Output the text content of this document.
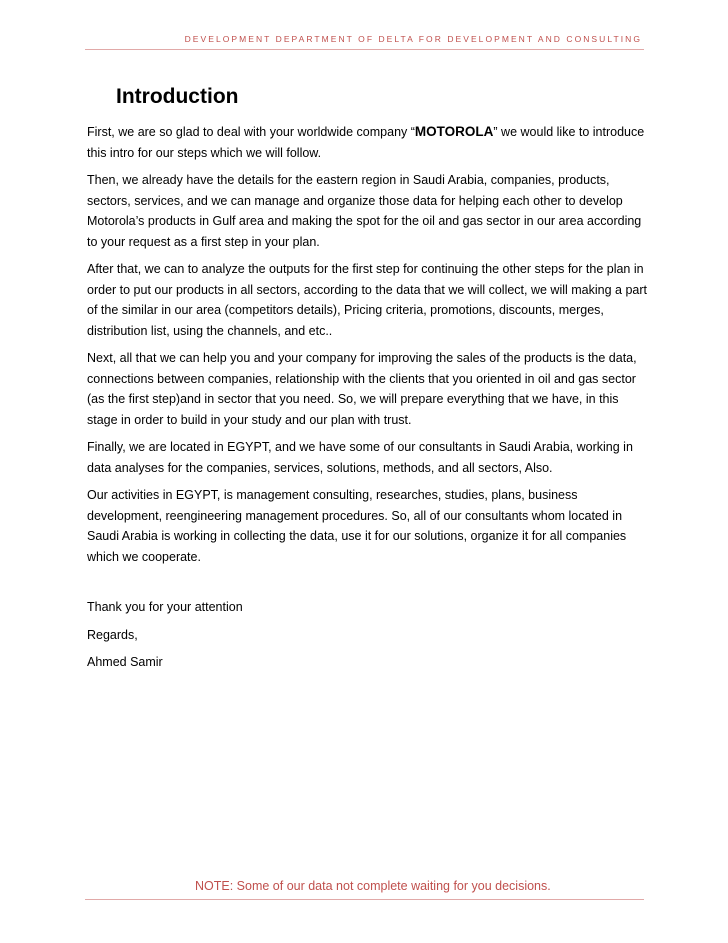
DEVELOPMENT DEPARTMENT OF DELTA FOR DEVELOPMENT AND CONSULTING
Introduction

First, we are so glad to deal with your worldwide company “MOTOROLA” we would like to introduce this intro for our steps which we will follow.

Then, we already have the details for the eastern region in Saudi Arabia, companies, products, sectors, services, and we can manage and organize those data for helping each other to develop Motorola’s products in Gulf area and making the spot for the oil and gas sector in our area according to your request as a first step in your plan.

After that, we can to analyze the outputs for the first step for continuing the other steps for the plan in order to put our products in all sectors, according to the data that we will collect, we will making a part of the similar in our area (competitors details), Pricing criteria, promotions, discounts, merges, distribution list, using the channels, and etc..

Next, all that we can help you and your company for improving the sales of the products is the data, connections between companies, relationship with the clients that you oriented in oil and gas sector (as the first step)and in sector that you need. So, we will prepare everything that we have, in this stage in order to build in your study and our plan with trust.

Finally, we are located in EGYPT, and we have some of our consultants in Saudi Arabia, working in data analyses for the companies, services, solutions, methods, and all sectors, Also.

Our activities in EGYPT, is management consulting, researches, studies, plans, business development, reengineering management procedures. So, all of our consultants whom located in Saudi Arabia is working in collecting the data, use it for our solutions, organize it for all companies which we cooperate.

Thank you for your attention

Regards,

Ahmed Samir

NOTE: Some of our data not complete waiting for you decisions.
